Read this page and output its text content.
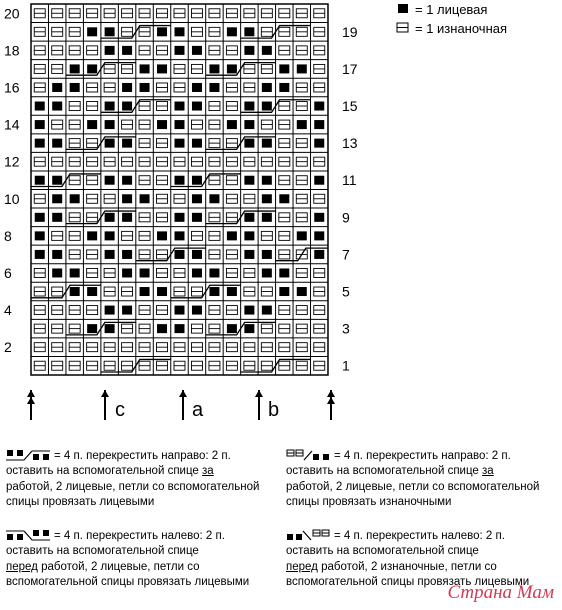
20
18
16
14
12
10
8
6
4
2
19
17
15
13
11
9
7
5
3
1
= 1 лицевая
= 1 изнаночная
c	a	b

= 4 п. перекрестить направо: 2 п. оставить на вспомогательной спице за
работой, 2 лицевые, петли со вспомогательной спицы провязать лицевыми

= 4 п. перекрестить налево: 2 п. оставить на вспомогательной спице
перед работой, 2 лицевые, петли со вспомогательной спицы провязать лицевыми

= 4 п. перекрестить направо: 2 п. оставить на вспомогательной спице за
работой, 2 лицевые, петли со вспомогательной спицы провязать изнаночными

= 4 п. перекрестить налево: 2 п. оставить на вспомогательной спице
перед работой, 2 изнаночные, петли со вспомогательной спицы провязать лицевыми

Страна Мам
